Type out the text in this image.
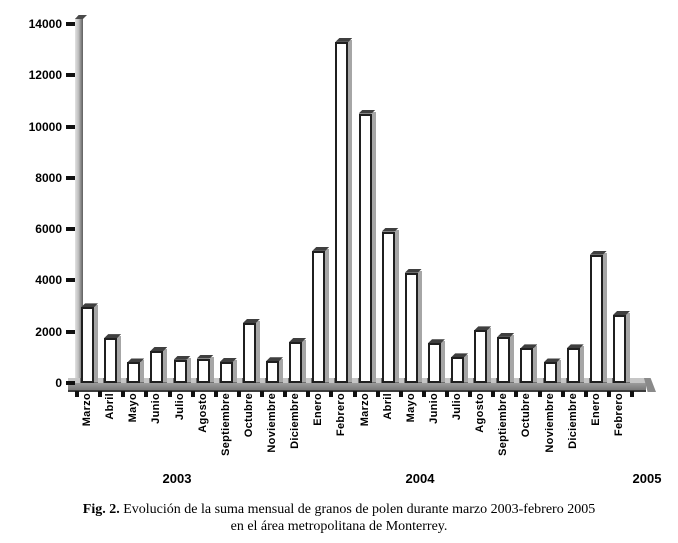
0
2000
4000
6000
8000
10000
12000
14000
Marzo Abril Mayo Junio Julio Agosto Septiembre Octubre Noviembre Diciembre Enero Febrero Marzo Abril Mayo Junio Julio Agosto Septiembre Octubre Noviembre Diciembre Enero Febrero
2003	2004	2005
Fig. 2. Evolución de la suma mensual de granos de polen durante marzo 2003-febrero 2005
en el área metropolitana de Monterrey.
